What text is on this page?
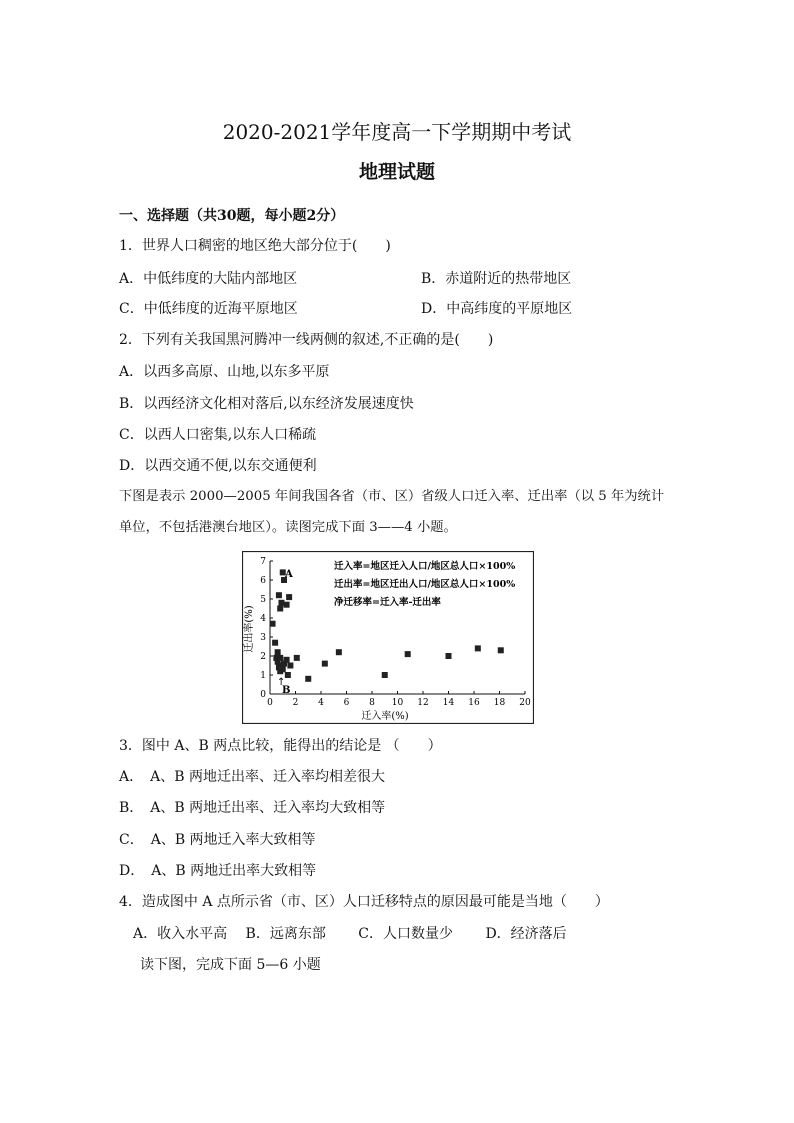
2020-2021学年度高一下学期期中考试
地理试题
一、选择题（共30题，每小题2分）
1．世界人口稠密的地区绝大部分位于(　　)
A．中低纬度的大陆内部地区	B．赤道附近的热带地区
C．中低纬度的近海平原地区	D．中高纬度的平原地区
2．下列有关我国黑河腾冲一线两侧的叙述,不正确的是(　　)
A．以西多高原、山地,以东多平原
B．以西经济文化相对落后,以东经济发展速度快
C．以西人口密集,以东人口稀疏
D．以西交通不便,以东交通便利
下图是表示 2000—2005 年间我国各省（市、区）省级人口迁入率、迁出率（以 5 年为统计
单位，不包括港澳台地区）。读图完成下面 3——4 小题。
0 2 4 6 8 10 12 14 16 18 20
0
1
2
3
4
5
6
7
迁入率(%)
迁出率(%)
迁入率=地区迁入人口/地区总人口×100%
迁出率=地区迁出人口/地区总人口×100%
净迁移率=迁入率-迁出率
A
↑
B
3．图中 A、B 两点比较，能得出的结论是 （　　）
A．　A、B 两地迁出率、迁入率均相差很大
B．　A、B 两地迁出率、迁入率均大致相等
C．　A、B 两地迁入率大致相等
D．　A、B 两地迁出率大致相等
4．造成图中 A 点所示省（市、区）人口迁移特点的原因最可能是当地（　　）
A．收入水平高　 B．远离东部 　　C．人口数量少 　　D．经济落后
读下图，完成下面 5—6 小题
